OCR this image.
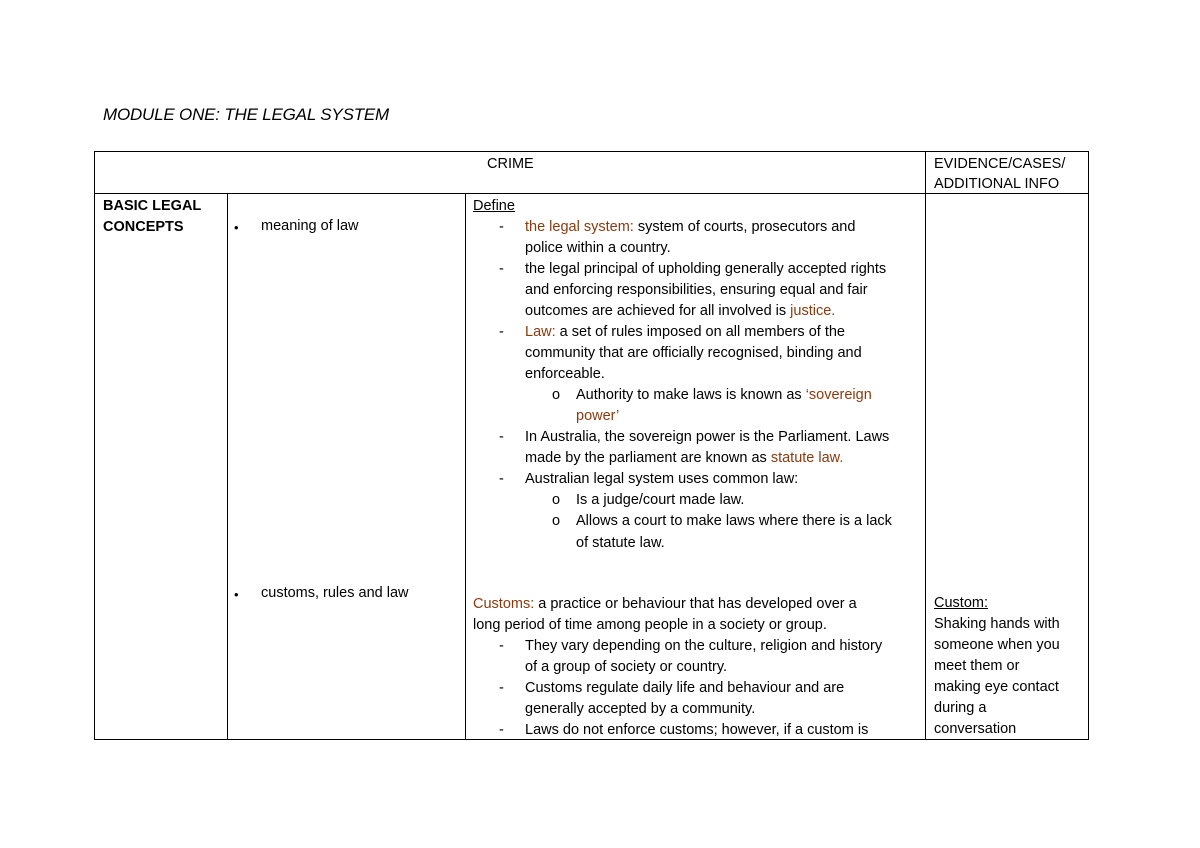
MODULE ONE: THE LEGAL SYSTEM
CRIME	EVIDENCE/CASES/
ADDITIONAL INFO
BASIC LEGAL
CONCEPTS	• meaning of law
• customs, rules and law
Define
- the legal system: system of courts, prosecutors and
police within a country.
- the legal principal of upholding generally accepted rights
and enforcing responsibilities, ensuring equal and fair
outcomes are achieved for all involved is justice.
- Law: a set of rules imposed on all members of the
community that are officially recognised, binding and
enforceable.
o Authority to make laws is known as ‘sovereign
power’
- In Australia, the sovereign power is the Parliament. Laws
made by the parliament are known as statute law.
- Australian legal system uses common law:
o Is a judge/court made law.
o Allows a court to make laws where there is a lack
of statute law.
Customs: a practice or behaviour that has developed over a
long period of time among people in a society or group.
- They vary depending on the culture, religion and history
of a group of society or country.
- Customs regulate daily life and behaviour and are
generally accepted by a community.
- Laws do not enforce customs; however, if a custom is
Custom:
Shaking hands with
someone when you
meet them or
making eye contact
during a
conversation
